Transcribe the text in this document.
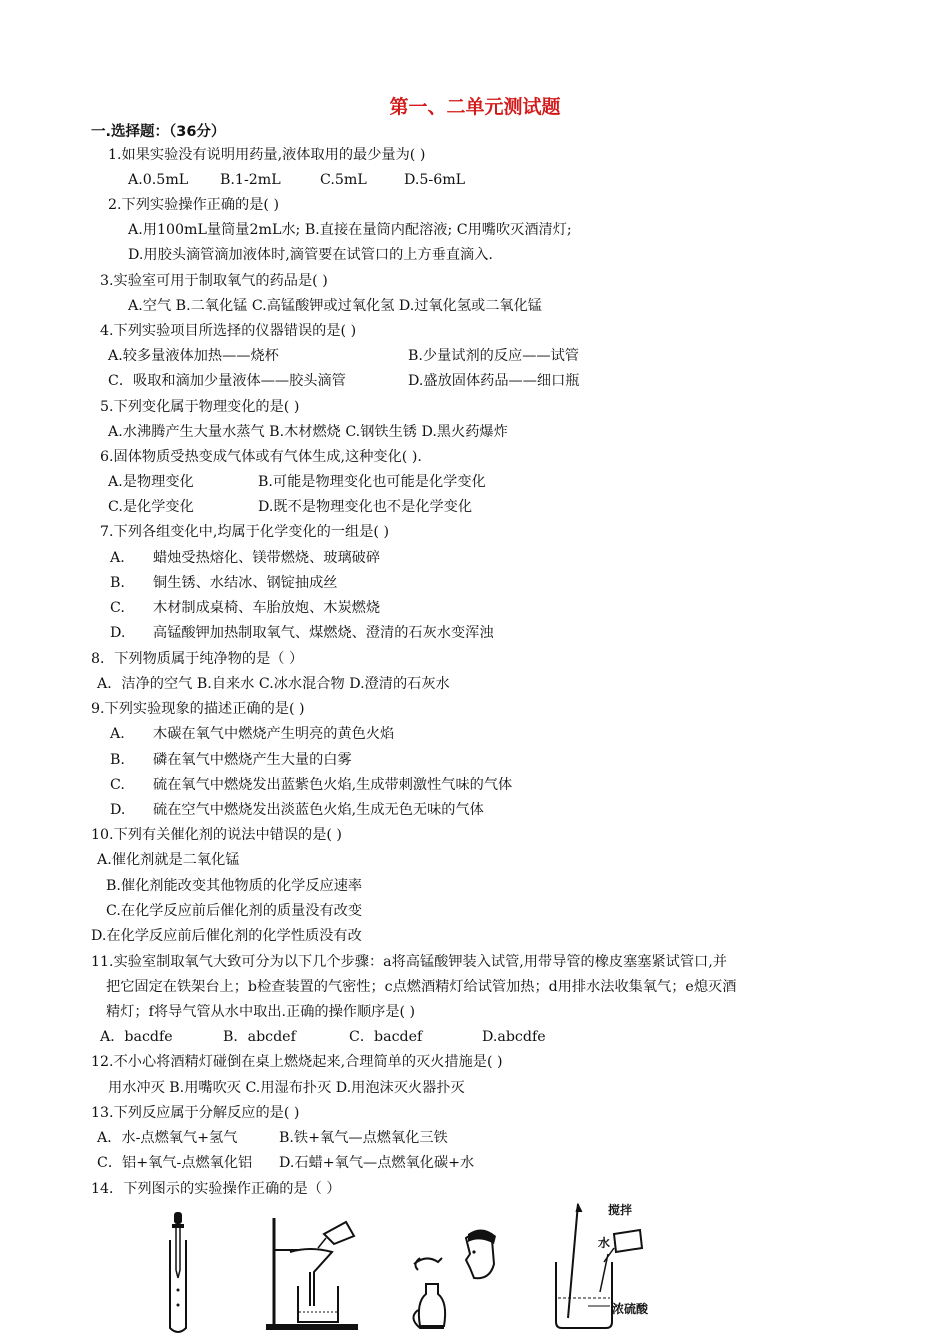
第一、二单元测试题
一.选择题：（36分）
1.如果实验没有说明用药量,液体取用的最少量为( )
A.0.5mL B.1-2mL	C.5mL	D.5-6mL
2.下列实验操作正确的是( )
A.用100mL量筒量2mL水; B.直接在量筒内配溶液; C用嘴吹灭酒清灯;
D.用胶头滴管滴加液体时,滴管要在试管口的上方垂直滴入.
3.实验室可用于制取氧气的药品是( )
A.空气 B.二氧化锰 C.高锰酸钾或过氧化氢 D.过氧化氢或二氧化锰
4.下列实验项目所选择的仪器错误的是( )
A.较多量液体加热——烧杯	B.少量试剂的反应——试管
C．吸取和滴加少量液体——胶头滴管	D.盛放固体药品——细口瓶
5.下列变化属于物理变化的是( )
A.水沸腾产生大量水蒸气 B.木材燃烧 C.钢铁生锈 D.黑火药爆炸
6.固体物质受热变成气体或有气体生成,这种变化( ).
A.是物理变化	B.可能是物理变化也可能是化学变化
C.是化学变化	D.既不是物理变化也不是化学变化
7.下列各组变化中,均属于化学变化的一组是( )
A. 蜡烛受热熔化、镁带燃烧、玻璃破碎
B. 铜生锈、水结冰、钢锭抽成丝
C. 木材制成桌椅、车胎放炮、木炭燃烧
D. 高锰酸钾加热制取氧气、煤燃烧、澄清的石灰水变浑浊
8．下列物质属于纯净物的是（ ）
A．洁净的空气 B.自来水 C.冰水混合物 D.澄清的石灰水
9.下列实验现象的描述正确的是( )
A. 木碳在氧气中燃烧产生明亮的黄色火焰
B. 磷在氧气中燃烧产生大量的白雾
C. 硫在氧气中燃烧发出蓝紫色火焰,生成带刺激性气味的气体
D. 硫在空气中燃烧发出淡蓝色火焰,生成无色无味的气体
10.下列有关催化剂的说法中错误的是( )
A.催化剂就是二氧化锰
B.催化剂能改变其他物质的化学反应速率
C.在化学反应前后催化剂的质量没有改变
D.在化学反应前后催化剂的化学性质没有改
11.实验室制取氧气大致可分为以下几个步骤：a将高锰酸钾装入试管,用带导管的橡皮塞塞紧试管口,并
把它固定在铁架台上；b检查装置的气密性；c点燃酒精灯给试管加热；d用排水法收集氧气；e熄灭酒
精灯；f将导气管从水中取出.正确的操作顺序是( )
A．bacdfe	B．abcdef	C．bacdef	D.abcdfe
12.不小心将酒精灯碰倒在桌上燃烧起来,合理简单的灭火措施是( )
用水冲灭 B.用嘴吹灭 C.用湿布扑灭 D.用泡沫灭火器扑灭
13.下列反应属于分解反应的是( )
A．水-点燃氧气+氢气	B.铁+氧气—点燃氧化三铁
C．铝+氧气-点燃氧化铝 D.石蜡+氧气—点燃氧化碳+水
14．下列图示的实验操作正确的是（ ）
搅拌
水
浓硫酸
